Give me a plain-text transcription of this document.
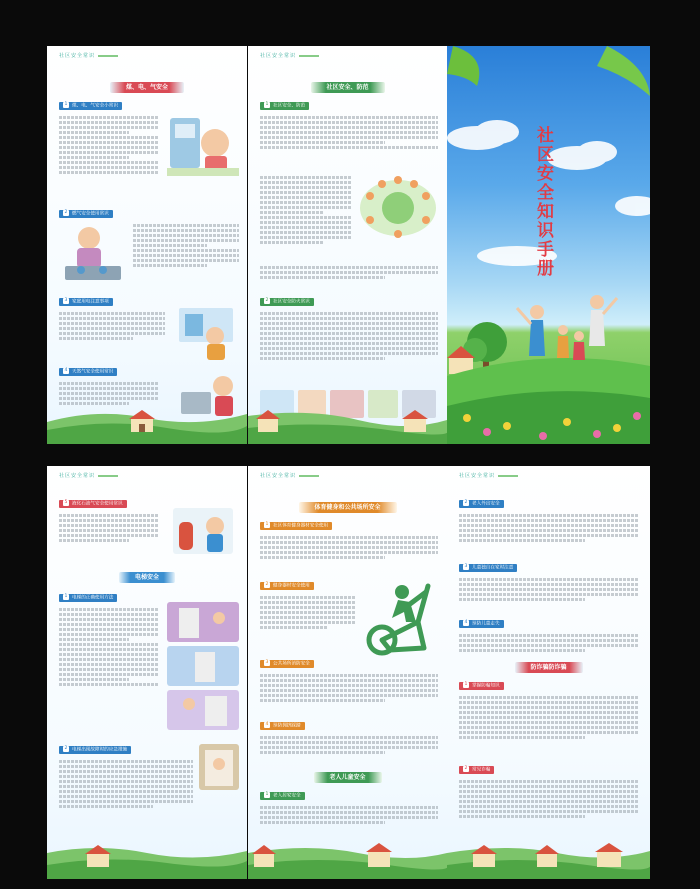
社区安全常识
煤、电、气安全
1 煤、电、气安全小常识
2 燃气安全使用常识
3 家庭用电注意事项
4 天然气安全使用常识
社区安全常识
社区安全、防范
1 社区安全、防范
2 社区安全防火常识
社区安全知识手册
社区安全常识
5 液化石油气安全使用常识
电梯安全
1 电梯的正确使用方法
2 电梯出现故障时的应急措施
社区安全常识
体育健身和公共场所安全
1 社区体育健身器材安全使用
2 健身器材安全使用
3 公共场所消防安全
4 预防拥挤踩踏
老人儿童安全
1 老人居家安全
社区安全常识
2 老人外出安全
3 儿童独自在家时注意
4 预防儿童走失
防诈骗防诈骗
1 掌握防骗知识
2 常见诈骗
